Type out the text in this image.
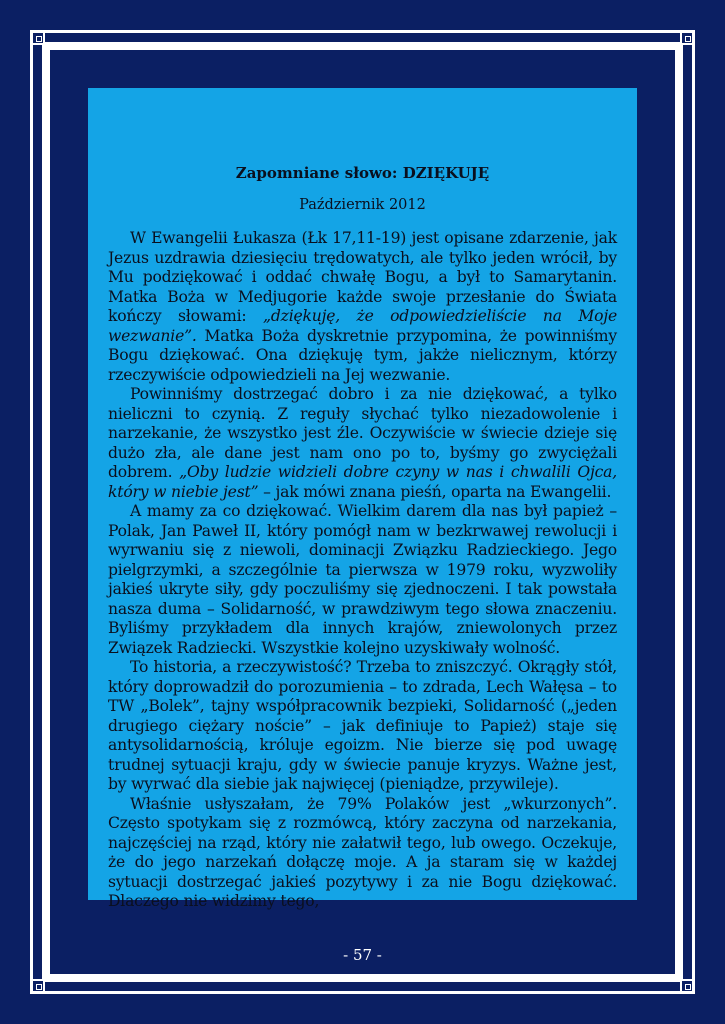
Zapomniane słowo: DZIĘKUJĘ
Październik 2012

W Ewangelii Łukasza (Łk 17,11-19) jest opisane zdarzenie, jak Jezus uzdrawia dziesięciu trędowatych, ale tylko jeden wrócił, by Mu podziękować i oddać chwałę Bogu, a był to Samarytanin. Matka Boża w Medjugorie każde swoje przesłanie do Świata kończy słowami: „dziękuję, że odpowiedzieliście na Moje wezwanie”. Matka Boża dyskretnie przypomina, że powinniśmy Bogu dziękować. Ona dziękuję tym, jakże nielicznym, którzy rzeczywiście odpowiedzieli na Jej wezwanie.

Powinniśmy dostrzegać dobro i za nie dziękować, a tylko nieliczni to czynią. Z reguły słychać tylko niezadowolenie i narzekanie, że wszystko jest źle. Oczywiście w świecie dzieje się dużo zła, ale dane jest nam ono po to, byśmy go zwyciężali dobrem. „Oby ludzie widzieli dobre czyny w nas i chwalili Ojca, który w niebie jest” – jak mówi znana pieśń, oparta na Ewangelii.

A mamy za co dziękować. Wielkim darem dla nas był papież – Polak, Jan Paweł II, który pomógł nam w bezkrwawej rewolucji i wyrwaniu się z niewoli, dominacji Związku Radzieckiego. Jego pielgrzymki, a szczególnie ta pierwsza w 1979 roku, wyzwoliły jakieś ukryte siły, gdy poczuliśmy się zjednoczeni. I tak powstała nasza duma – Solidarność, w prawdziwym tego słowa znaczeniu. Byliśmy przykładem dla innych krajów, zniewolonych przez Związek Radziecki. Wszystkie kolejno uzyskiwały wolność.

To historia, a rzeczywistość? Trzeba to zniszczyć. Okrągły stół, który doprowadził do porozumienia – to zdrada, Lech Wałęsa – to TW „Bolek”, tajny współpracownik bezpieki, Solidarność („jeden drugiego ciężary noście” – jak definiuje to Papież) staje się antysolidarnością, króluje egoizm. Nie bierze się pod uwagę trudnej sytuacji kraju, gdy w świecie panuje kryzys. Ważne jest, by wyrwać dla siebie jak najwięcej (pieniądze, przywileje).

Właśnie usłyszałam, że 79% Polaków jest „wkurzonych”. Często spotykam się z rozmówcą, który zaczyna od narzekania, najczęściej na rząd, który nie załatwił tego, lub owego. Oczekuje, że do jego narzekań dołączę moje. A ja staram się w każdej sytuacji dostrzegać jakieś pozytywy i za nie Bogu dziękować. Dlaczego nie widzimy tego,

- 57 -
